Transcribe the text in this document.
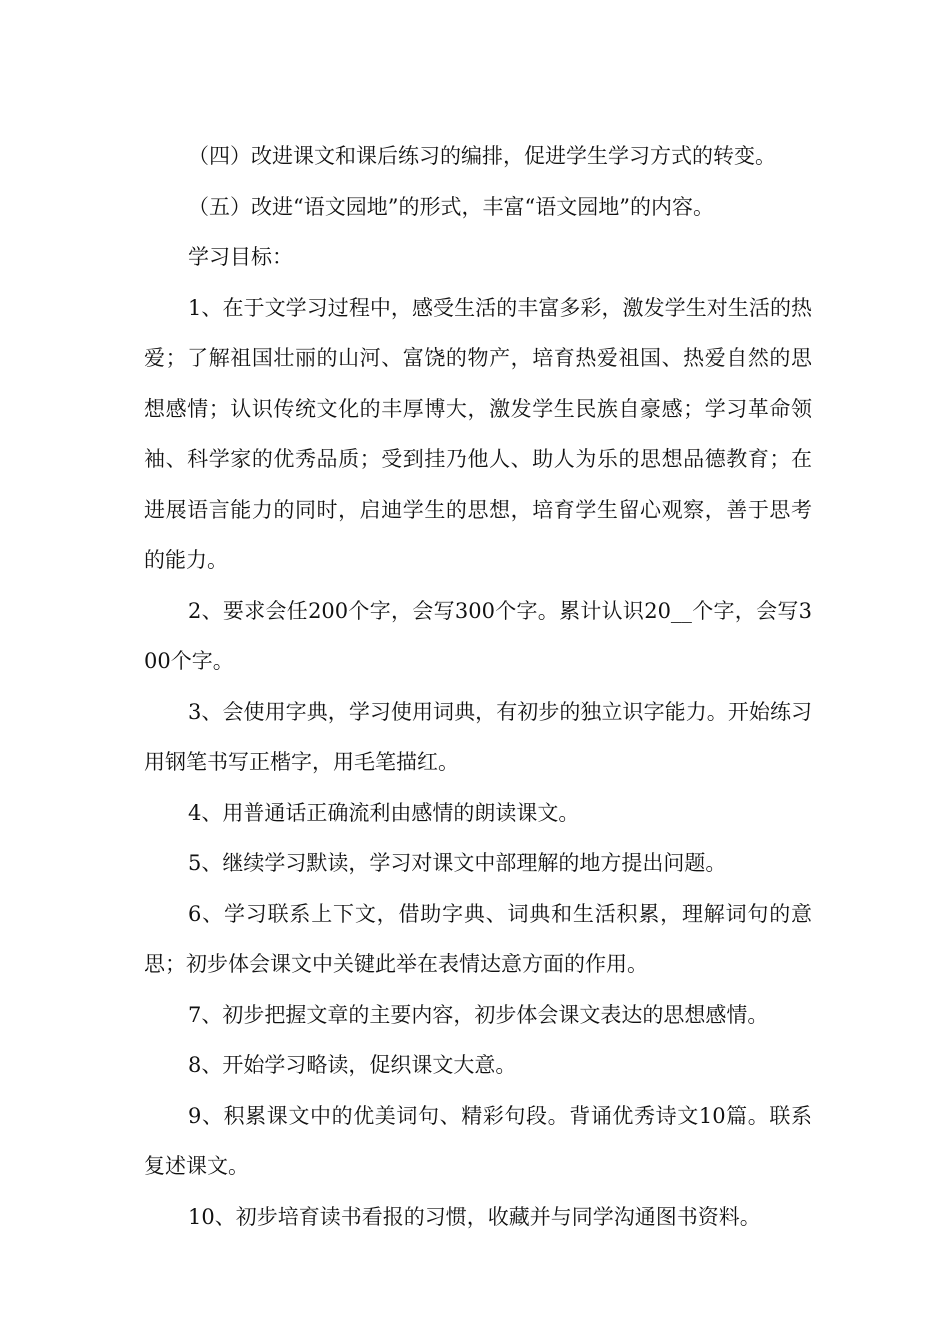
（四）改进课文和课后练习的编排，促进学生学习方式的转变。

（五）改进“语文园地”的形式，丰富“语文园地”的内容。

学习目标：

1、在于文学习过程中，感受生活的丰富多彩，激发学生对生活的热爱；了解祖国壮丽的山河、富饶的物产，培育热爱祖国、热爱自然的思想感情；认识传统文化的丰厚博大，激发学生民族自豪感；学习革命领袖、科学家的优秀品质；受到挂乃他人、助人为乐的思想品德教育；在进展语言能力的同时，启迪学生的思想，培育学生留心观察，善于思考的能力。

2、要求会任200个字，会写300个字。累计认识20__个字，会写300个字。

3、会使用字典，学习使用词典，有初步的独立识字能力。开始练习用钢笔书写正楷字，用毛笔描红。

4、用普通话正确流利由感情的朗读课文。

5、继续学习默读，学习对课文中部理解的地方提出问题。

6、学习联系上下文，借助字典、词典和生活积累，理解词句的意思；初步体会课文中关键此举在表情达意方面的作用。

7、初步把握文章的主要内容，初步体会课文表达的思想感情。

8、开始学习略读，促织课文大意。

9、积累课文中的优美词句、精彩句段。背诵优秀诗文10篇。联系复述课文。

10、初步培育读书看报的习惯，收藏并与同学沟通图书资料。
